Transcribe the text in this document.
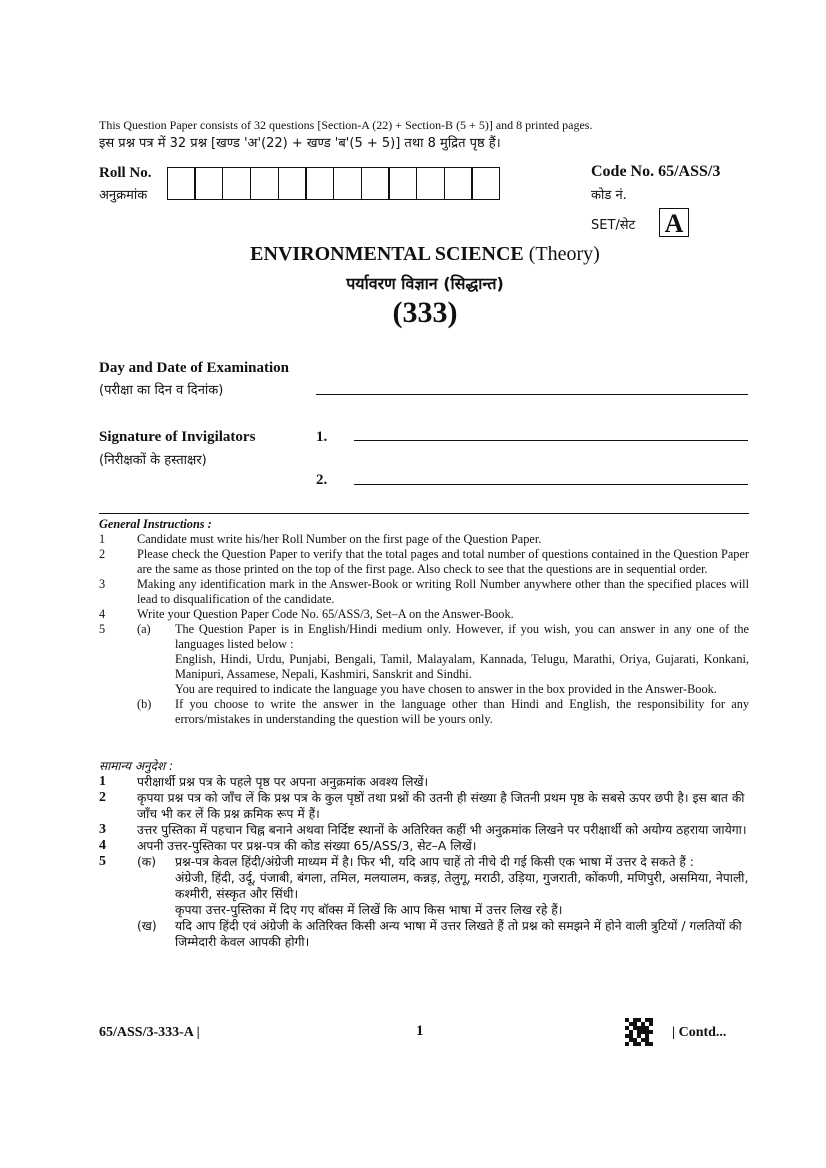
This Question Paper consists of 32 questions [Section-A (22) + Section-B (5 + 5)] and 8 printed pages.
इस प्रश्न पत्र में 32 प्रश्न [खण्ड 'अ'(22) + खण्ड 'ब'(5 + 5)] तथा 8 मुद्रित पृष्ठ हैं।
Roll No.
अनुक्रमांक
Code No. 65/ASS/3
कोड नं.
SET/सेट A
ENVIRONMENTAL SCIENCE (Theory)
पर्यावरण विज्ञान (सिद्धान्त)
(333)
Day and Date of Examination
(परीक्षा का दिन व दिनांक)
Signature of Invigilators
(निरीक्षकों के हस्ताक्षर)
1.
2.
General Instructions :
1	Candidate must write his/her Roll Number on the first page of the Question Paper.
2	Please check the Question Paper to verify that the total pages and total number of questions contained in the Question Paper are the same as those printed on the top of the first page. Also check to see that the questions are in sequential order.
3	Making any identification mark in the Answer-Book or writing Roll Number anywhere other than the specified places will lead to disqualification of the candidate.
4	Write your Question Paper Code No. 65/ASS/3, Set–A on the Answer-Book.
5	(a)	The Question Paper is in English/Hindi medium only. However, if you wish, you can answer in any one of the languages listed below :
English, Hindi, Urdu, Punjabi, Bengali, Tamil, Malayalam, Kannada, Telugu, Marathi, Oriya, Gujarati, Konkani, Manipuri, Assamese, Nepali, Kashmiri, Sanskrit and Sindhi.
You are required to indicate the language you have chosen to answer in the box provided in the Answer-Book.
(b)	If you choose to write the answer in the language other than Hindi and English, the responsibility for any errors/mistakes in understanding the question will be yours only.
सामान्य अनुदेश :
1	परीक्षार्थी प्रश्न पत्र के पहले पृष्ठ पर अपना अनुक्रमांक अवश्य लिखें।
2	कृपया प्रश्न पत्र को जाँच लें कि प्रश्न पत्र के कुल पृष्ठों तथा प्रश्नों की उतनी ही संख्या है जितनी प्रथम पृष्ठ के सबसे ऊपर छपी है। इस बात की जाँच भी कर लें कि प्रश्न क्रमिक रूप में हैं।
3	उत्तर पुस्तिका में पहचान चिह्न बनाने अथवा निर्दिष्ट स्थानों के अतिरिक्त कहीं भी अनुक्रमांक लिखने पर परीक्षार्थी को अयोग्य ठहराया जायेगा।
4	अपनी उत्तर-पुस्तिका पर प्रश्न-पत्र की कोड संख्या 65/ASS/3, सेट–A लिखें।
5	(क)	प्रश्न-पत्र केवल हिंदी/अंग्रेजी माध्यम में है। फिर भी, यदि आप चाहें तो नीचे दी गई किसी एक भाषा में उत्तर दे सकते हैं :
अंग्रेजी, हिंदी, उर्दू, पंजाबी, बंगला, तमिल, मलयालम, कन्नड़, तेलुगू, मराठी, उड़िया, गुजराती, कोंकणी, मणिपुरी, असमिया, नेपाली, कश्मीरी, संस्कृत और सिंधी।
कृपया उत्तर-पुस्तिका में दिए गए बॉक्स में लिखें कि आप किस भाषा में उत्तर लिख रहे हैं।
(ख)	यदि आप हिंदी एवं अंग्रेजी के अतिरिक्त किसी अन्य भाषा में उत्तर लिखते हैं तो प्रश्न को समझने में होने वाली त्रुटियों / गलतियों की जिम्मेदारी केवल आपकी होगी।
65/ASS/3-333-A |	1	| Contd...
